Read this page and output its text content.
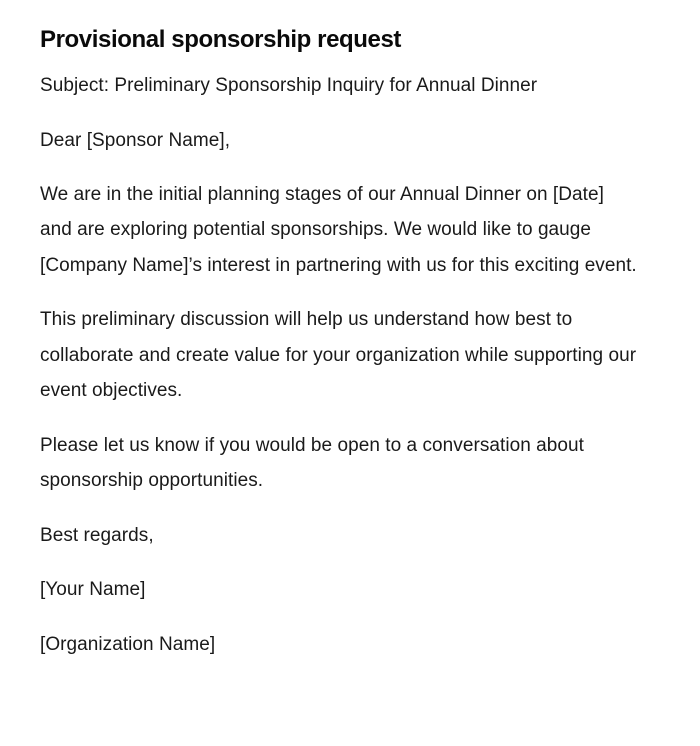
Provisional sponsorship request

Subject: Preliminary Sponsorship Inquiry for Annual Dinner

Dear [Sponsor Name],

We are in the initial planning stages of our Annual Dinner on [Date] and are exploring potential sponsorships. We would like to gauge [Company Name]’s interest in partnering with us for this exciting event.

This preliminary discussion will help us understand how best to collaborate and create value for your organization while supporting our event objectives.

Please let us know if you would be open to a conversation about sponsorship opportunities.

Best regards,

[Your Name]

[Organization Name]
